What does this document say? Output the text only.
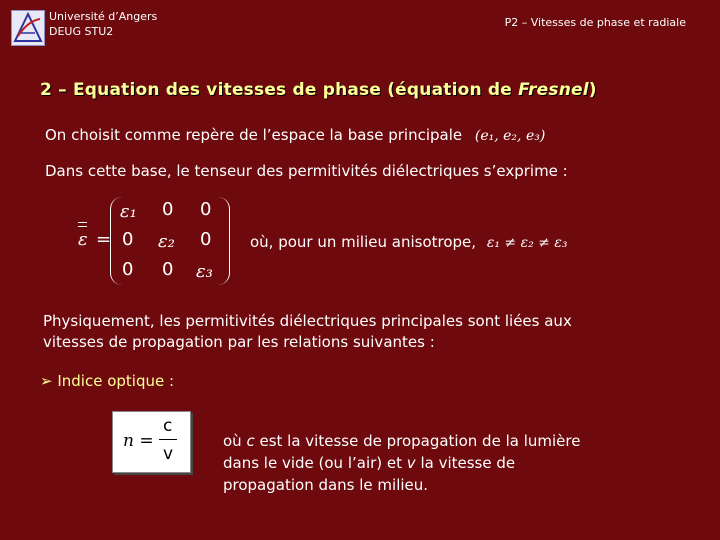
Université d’Angers
DEUG STU2
P2 – Vitesses de phase et radiale
2 – Equation des vitesses de phase (équation de Fresnel)
On choisit comme repère de l’espace la base principale (e₁, e₂, e₃)
Dans cette base, le tenseur des permitivités diélectriques s’exprime :
ε =
ε₁ 0 0
0 ε₂ 0
0 0 ε₃
où, pour un milieu anisotrope, ε₁ ≠ ε₂ ≠ ε₃
Physiquement, les permitivités diélectriques principales sont liées aux
vitesses de propagation par les relations suivantes :
➢ Indice optique :
n =
c
v
où c est la vitesse de propagation de la lumière
dans le vide (ou l’air) et v la vitesse de
propagation dans le milieu.
